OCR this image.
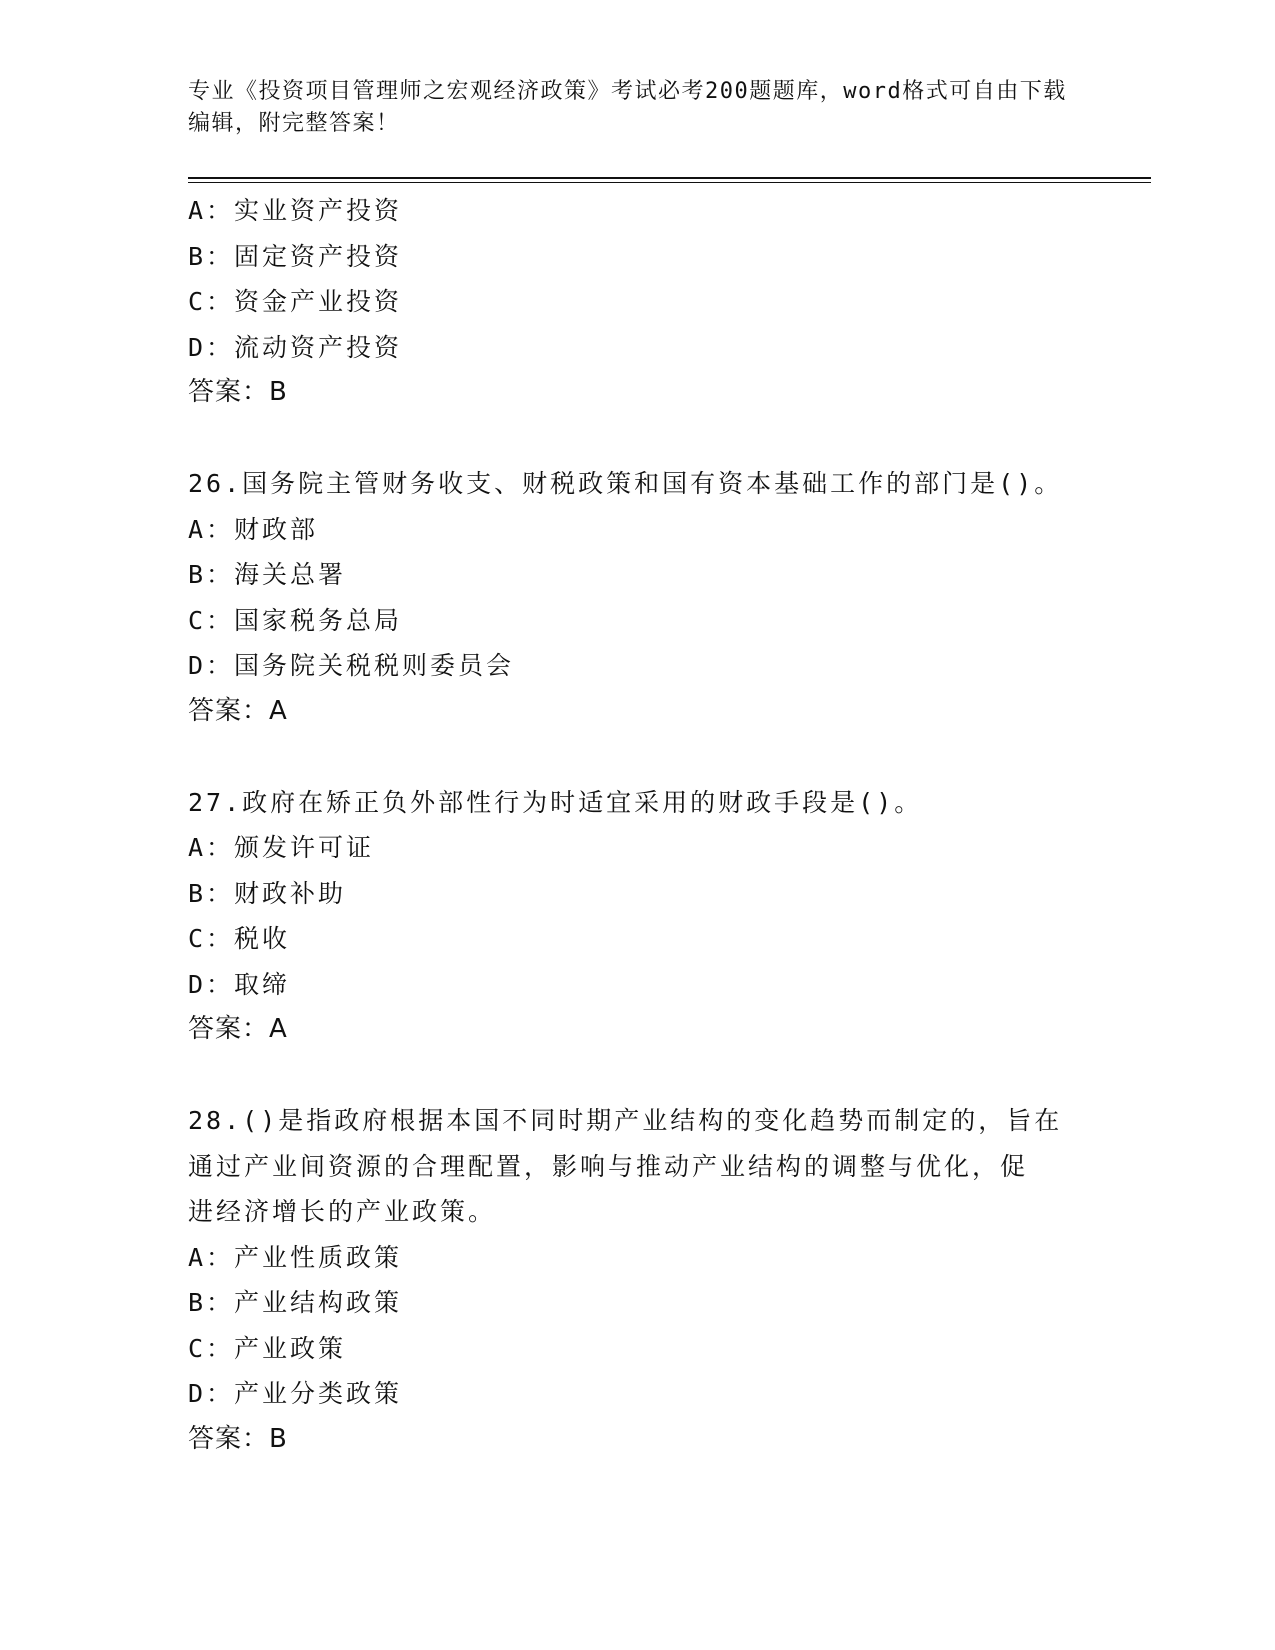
专业《投资项目管理师之宏观经济政策》考试必考200题题库，word格式可自由下载编辑，附完整答案！
A：实业资产投资
B：固定资产投资
C：资金产业投资
D：流动资产投资
答案：B
26.国务院主管财务收支、财税政策和国有资本基础工作的部门是()。
A：财政部
B：海关总署
C：国家税务总局
D：国务院关税税则委员会
答案：A
27.政府在矫正负外部性行为时适宜采用的财政手段是()。
A：颁发许可证
B：财政补助
C：税收
D：取缔
答案：A
28.()是指政府根据本国不同时期产业结构的变化趋势而制定的，旨在
通过产业间资源的合理配置，影响与推动产业结构的调整与优化，促
进经济增长的产业政策。
A：产业性质政策
B：产业结构政策
C：产业政策
D：产业分类政策
答案：B
